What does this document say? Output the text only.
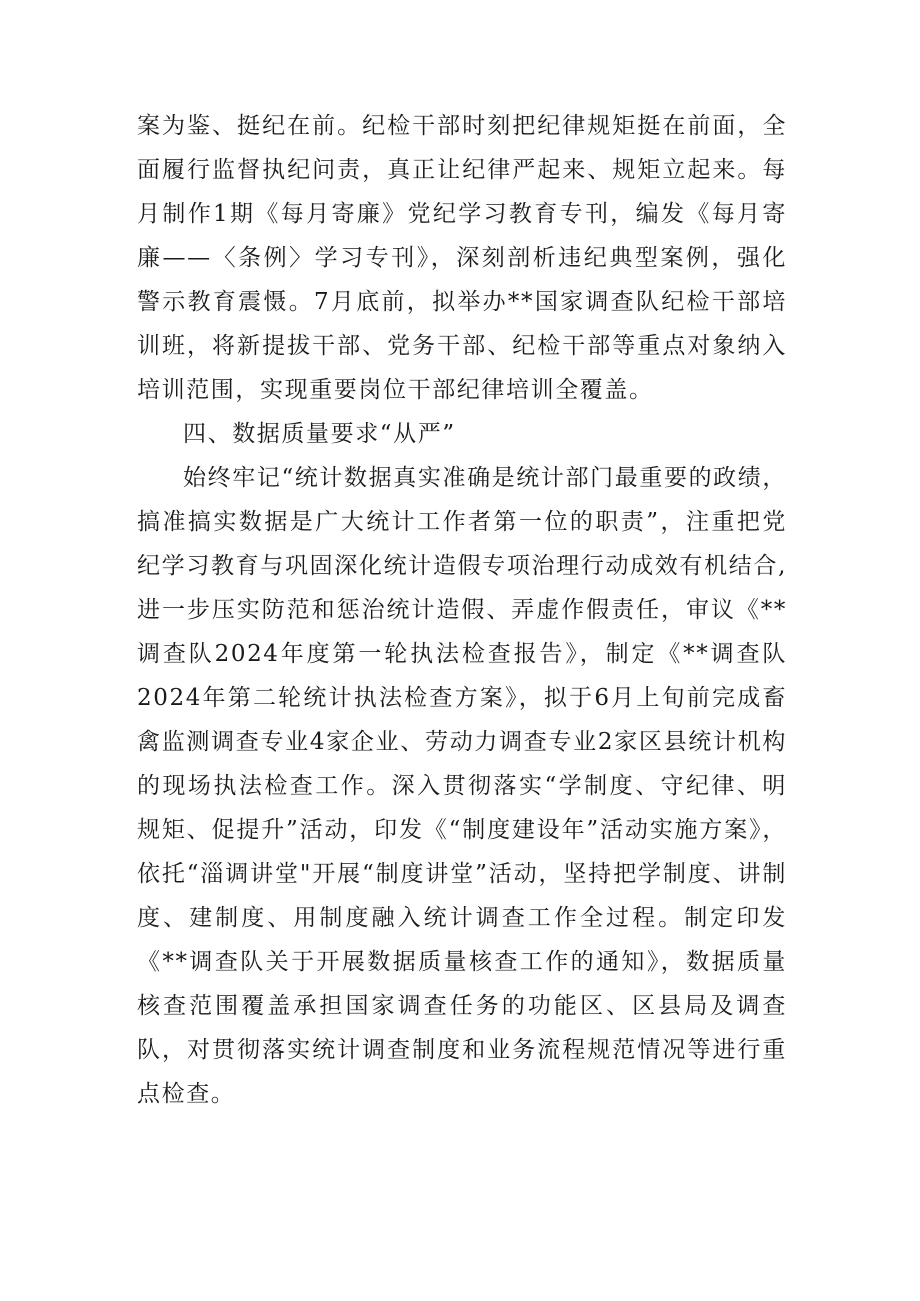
案为鉴、挺纪在前。纪检干部时刻把纪律规矩挺在前面，全面履行监督执纪问责，真正让纪律严起来、规矩立起来。每月制作1期《每月寄廉》党纪学习教育专刊，编发《每月寄廉——〈条例〉学习专刊》，深刻剖析违纪典型案例，强化警示教育震慑。7月底前，拟举办**国家调查队纪检干部培训班，将新提拔干部、党务干部、纪检干部等重点对象纳入培训范围，实现重要岗位干部纪律培训全覆盖。

四、数据质量要求“从严”

始终牢记“统计数据真实准确是统计部门最重要的政绩，搞准搞实数据是广大统计工作者第一位的职责”，注重把党纪学习教育与巩固深化统计造假专项治理行动成效有机结合,进一步压实防范和惩治统计造假、弄虚作假责任，审议《**调查队2024年度第一轮执法检查报告》，制定《**调查队2024年第二轮统计执法检查方案》，拟于6月上旬前完成畜禽监测调查专业4家企业、劳动力调查专业2家区县统计机构的现场执法检查工作。深入贯彻落实“学制度、守纪律、明规矩、促提升”活动，印发《“制度建设年”活动实施方案》，依托“淄调讲堂"开展“制度讲堂”活动，坚持把学制度、讲制度、建制度、用制度融入统计调查工作全过程。制定印发《**调查队关于开展数据质量核查工作的通知》，数据质量核查范围覆盖承担国家调查任务的功能区、区县局及调查队，对贯彻落实统计调查制度和业务流程规范情况等进行重点检查。
